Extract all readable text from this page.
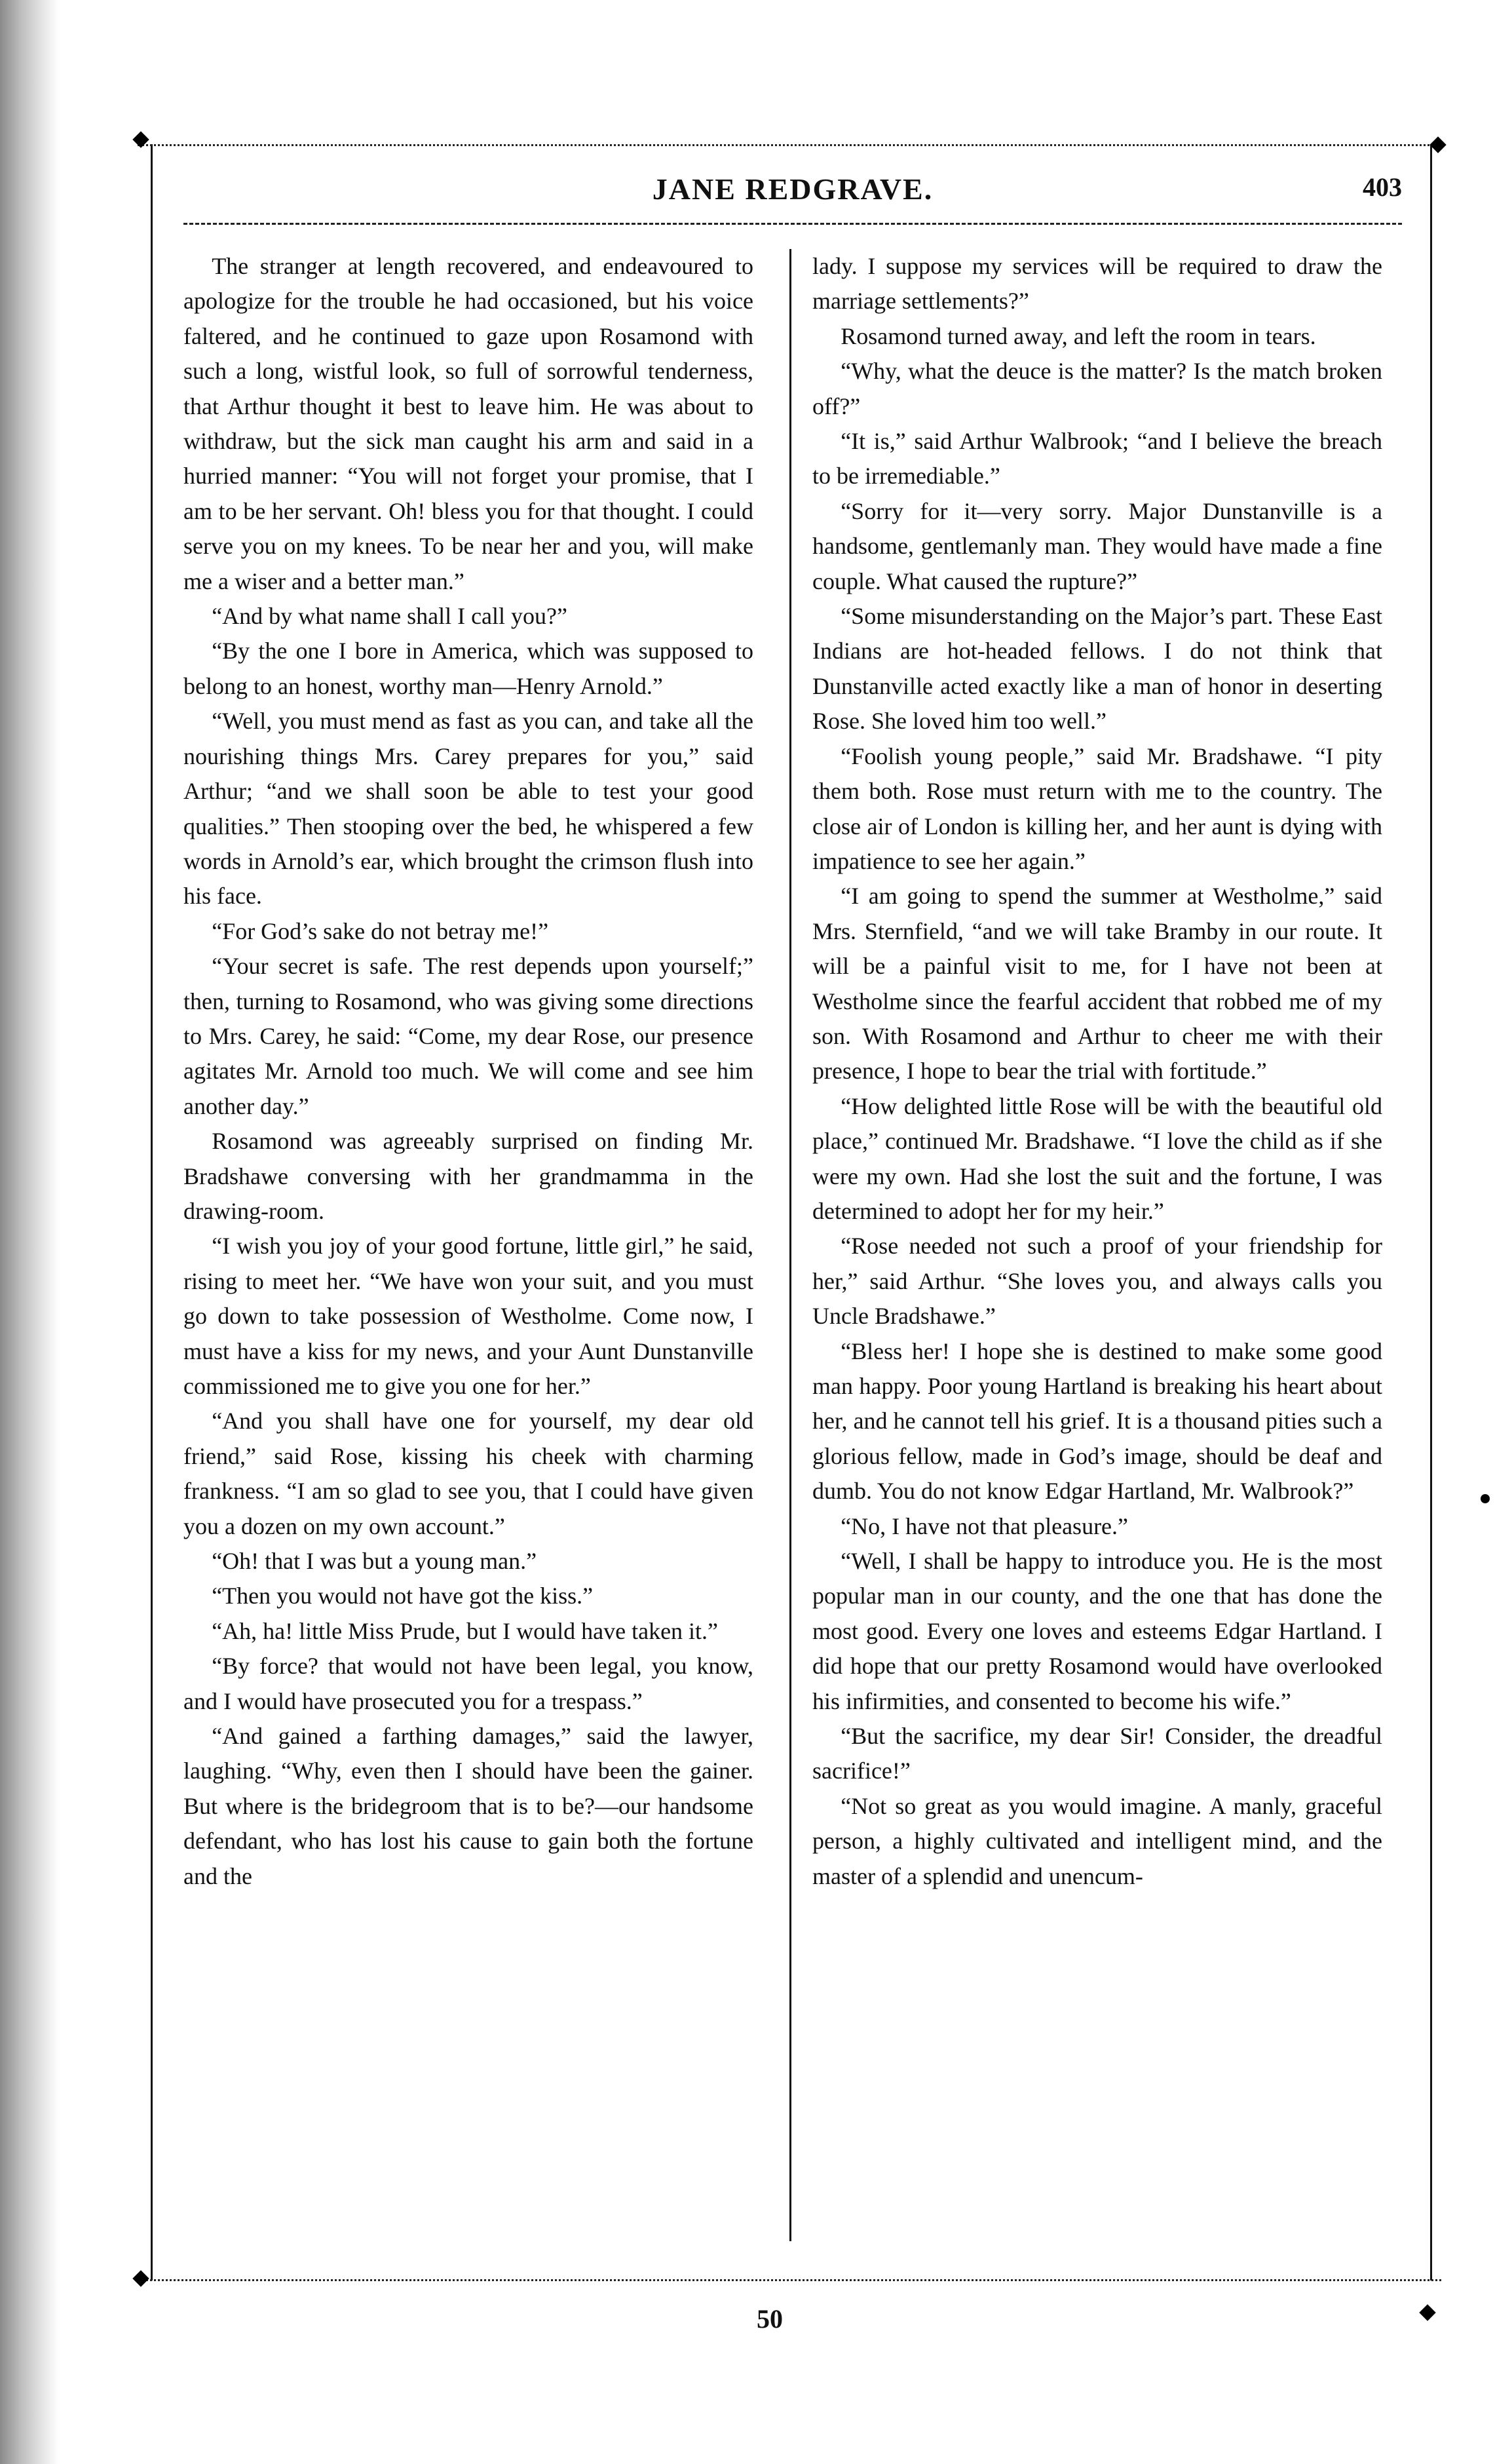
JANE REDGRAVE.	403

The stranger at length recovered, and endeavoured to apologize for the trouble he had occasioned, but his voice faltered, and he continued to gaze upon Rosamond with such a long, wistful look, so full of sorrowful tenderness, that Arthur thought it best to leave him. He was about to withdraw, but the sick man caught his arm and said in a hurried manner: “You will not forget your promise, that I am to be her servant. Oh! bless you for that thought. I could serve you on my knees. To be near her and you, will make me a wiser and a better man.”

“And by what name shall I call you?”

“By the one I bore in America, which was supposed to belong to an honest, worthy man—Henry Arnold.”

“Well, you must mend as fast as you can, and take all the nourishing things Mrs. Carey prepares for you,” said Arthur; “and we shall soon be able to test your good qualities.” Then stooping over the bed, he whispered a few words in Arnold’s ear, which brought the crimson flush into his face.

“For God’s sake do not betray me!”

“Your secret is safe. The rest depends upon yourself;” then, turning to Rosamond, who was giving some directions to Mrs. Carey, he said: “Come, my dear Rose, our presence agitates Mr. Arnold too much. We will come and see him another day.”

Rosamond was agreeably surprised on finding Mr. Bradshawe conversing with her grandmamma in the drawing-room.

“I wish you joy of your good fortune, little girl,” he said, rising to meet her. “We have won your suit, and you must go down to take possession of Westholme. Come now, I must have a kiss for my news, and your Aunt Dunstanville commissioned me to give you one for her.”

“And you shall have one for yourself, my dear old friend,” said Rose, kissing his cheek with charming frankness. “I am so glad to see you, that I could have given you a dozen on my own account.”

“Oh! that I was but a young man.”

“Then you would not have got the kiss.”

“Ah, ha! little Miss Prude, but I would have taken it.”

“By force? that would not have been legal, you know, and I would have prosecuted you for a trespass.”

“And gained a farthing damages,” said the lawyer, laughing. “Why, even then I should have been the gainer. But where is the bridegroom that is to be?—our handsome defendant, who has lost his cause to gain both the fortune and the

lady. I suppose my services will be required to draw the marriage settlements?”

Rosamond turned away, and left the room in tears.

“Why, what the deuce is the matter? Is the match broken off?”

“It is,” said Arthur Walbrook; “and I believe the breach to be irremediable.”

“Sorry for it—very sorry. Major Dunstanville is a handsome, gentlemanly man. They would have made a fine couple. What caused the rupture?”

“Some misunderstanding on the Major’s part. These East Indians are hot-headed fellows. I do not think that Dunstanville acted exactly like a man of honor in deserting Rose. She loved him too well.”

“Foolish young people,” said Mr. Bradshawe. “I pity them both. Rose must return with me to the country. The close air of London is killing her, and her aunt is dying with impatience to see her again.”

“I am going to spend the summer at Westholme,” said Mrs. Sternfield, “and we will take Bramby in our route. It will be a painful visit to me, for I have not been at Westholme since the fearful accident that robbed me of my son. With Rosamond and Arthur to cheer me with their presence, I hope to bear the trial with fortitude.”

“How delighted little Rose will be with the beautiful old place,” continued Mr. Bradshawe. “I love the child as if she were my own. Had she lost the suit and the fortune, I was determined to adopt her for my heir.”

“Rose needed not such a proof of your friendship for her,” said Arthur. “She loves you, and always calls you Uncle Bradshawe.”

“Bless her! I hope she is destined to make some good man happy. Poor young Hartland is breaking his heart about her, and he cannot tell his grief. It is a thousand pities such a glorious fellow, made in God’s image, should be deaf and dumb. You do not know Edgar Hartland, Mr. Walbrook?”

“No, I have not that pleasure.”

“Well, I shall be happy to introduce you. He is the most popular man in our county, and the one that has done the most good. Every one loves and esteems Edgar Hartland. I did hope that our pretty Rosamond would have overlooked his infirmities, and consented to become his wife.”

“But the sacrifice, my dear Sir! Consider, the dreadful sacrifice!”

“Not so great as you would imagine. A manly, graceful person, a highly cultivated and intelligent mind, and the master of a splendid and unencum-

50
